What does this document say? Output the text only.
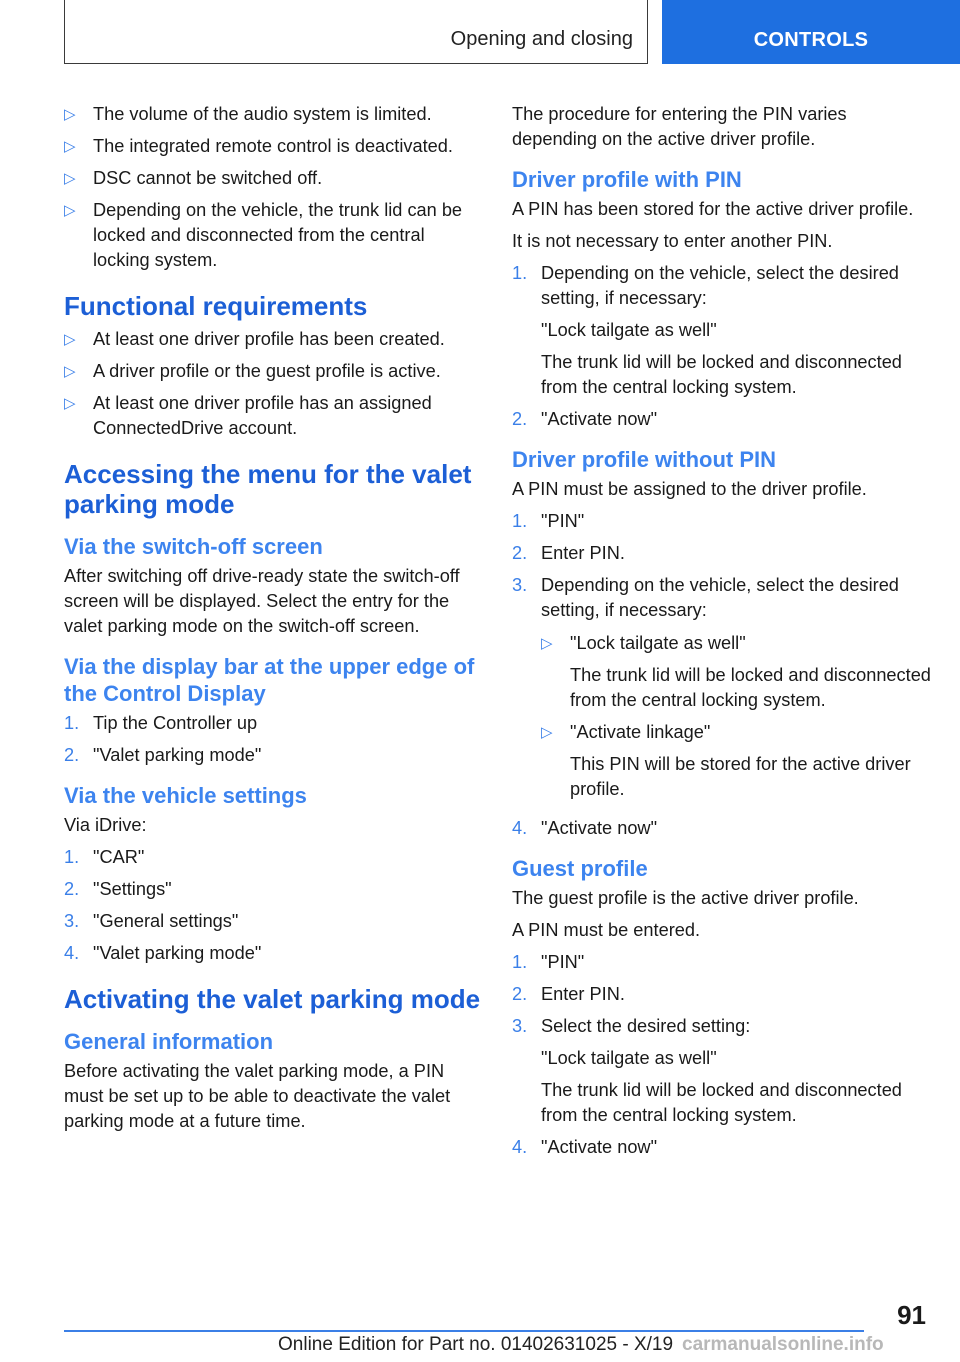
Opening and closing	CONTROLS
▷ The volume of the audio system is limited.
▷ The integrated remote control is deactivated.
▷ DSC cannot be switched off.
▷ Depending on the vehicle, the trunk lid can be locked and disconnected from the central locking system.
Functional requirements
▷ At least one driver profile has been created.
▷ A driver profile or the guest profile is active.
▷ At least one driver profile has an assigned ConnectedDrive account.
Accessing the menu for the valet parking mode
Via the switch-off screen

After switching off drive-ready state the switch-off screen will be displayed. Select the entry for the valet parking mode on the switch-off screen.

Via the display bar at the upper edge of the Control Display
1. Tip the Controller up
2. "Valet parking mode"
Via the vehicle settings

Via iDrive:

1. "CAR"
2. "Settings"
3. "General settings"
4. "Valet parking mode"
Activating the valet parking mode
General information

Before activating the valet parking mode, a PIN must be set up to be able to deactivate the valet parking mode at a future time.

The procedure for entering the PIN varies depending on the active driver profile.

Driver profile with PIN

A PIN has been stored for the active driver profile.

It is not necessary to enter another PIN.

1. Depending on the vehicle, select the desired setting, if necessary:
"Lock tailgate as well"
The trunk lid will be locked and disconnected from the central locking system.
2. "Activate now"
Driver profile without PIN

A PIN must be assigned to the driver profile.

1. "PIN"
2. Enter PIN.
3. Depending on the vehicle, select the desired setting, if necessary:
▷ "Lock tailgate as well"
The trunk lid will be locked and disconnected from the central locking system.
▷ "Activate linkage"
This PIN will be stored for the active driver profile.
4. "Activate now"
Guest profile

The guest profile is the active driver profile.

A PIN must be entered.

1. "PIN"
2. Enter PIN.
3. Select the desired setting:
"Lock tailgate as well"
The trunk lid will be locked and disconnected from the central locking system.
4. "Activate now"
91
Online Edition for Part no. 01402631025 - X/19 carmanualsonline.info
